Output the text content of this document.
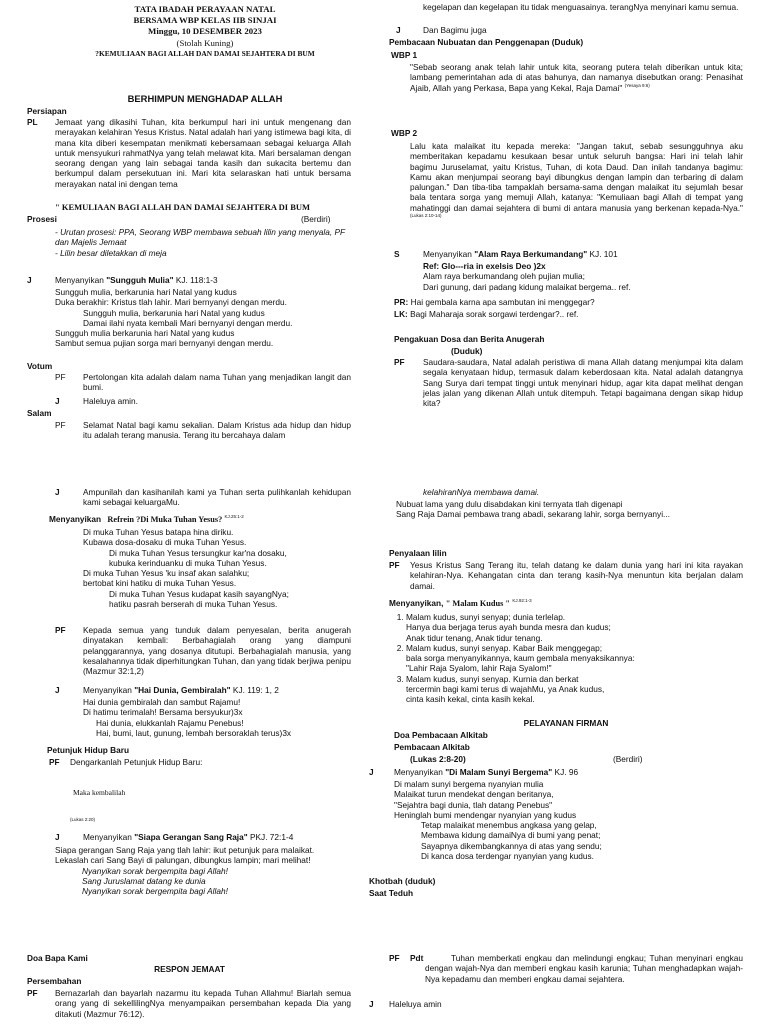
TATA IBADAH PERAYAAN NATAL
BERSAMA WBP KELAS IIB SINJAI
Minggu, 10 DESEMBER 2023
(Stolah Kuning)
?KEMULIAAN BAGI ALLAH DAN DAMAI SEJAHTERA DI BUM
BERHIMPUN MENGHADAP ALLAH
Persiapan
PL Jemaat yang dikasihi Tuhan, kita berkumpul hari ini untuk mengenang dan merayakan kelahiran Yesus Kristus. Natal adalah hari yang istimewa bagi kita, di mana kita diberi kesempatan menikmati kebersamaan sebagai keluarga Allah untuk mensyukuri rahmatNya yang telah melawat kita. Mari bersalaman dengan seorang dengan yang lain sebagai tanda kasih dan sukacita bertemu dan berkumpul dalam persekutuan ini. Mari kita selaraskan hati untuk bersama merayakan natal ini dengan tema
" KEMULIAAN BAGI ALLAH DAN DAMAI SEJAHTERA DI BUM
Prosesi	(Berdiri)
- Urutan prosesi: PPA, Seorang WBP membawa sebuah lilin yang menyala, PF dan Majelis Jemaat
- Lilin besar diletakkan di meja
J	Menyanyikan "Sungguh Mulia" KJ. 118:1-3
Sungguh mulia, berkarunia hari Natal yang kudus
Duka berakhir: Kristus tlah lahir. Mari bernyanyi dengan merdu.
Sungguh mulia, berkarunia hari Natal yang kudus
Damai ilahi nyata kembali Mari bernyanyi dengan merdu.
Sungguh mulia berkarunia hari Natal yang kudus
Sambut semua pujian sorga mari bernyanyi dengan merdu.
Votum
PF Pertolongan kita adalah dalam nama Tuhan yang menjadikan langit dan bumi.
J	Haleluya amin.
Salam
PF Selamat Natal bagi kamu sekalian. Dalam Kristus ada hidup dan hidup itu adalah terang manusia. Terang itu bercahaya dalam
J	Ampunilah dan kasihanilah kami ya Tuhan serta pulihkanlah kehidupan kami sebagai keluargaMu.
Menyanyikan Refrein ?Di Muka Tuhan Yesus? $^{KJ.25:1-2}$
Di muka Tuhan Yesus batapa hina diriku.
Kubawa dosa-dosaku di muka Tuhan Yesus.
Di muka Tuhan Yesus tersungkur kar'na dosaku,
kubuka kerinduanku di muka Tuhan Yesus.
Di muka Tuhan Yesus 'ku insaf akan salahku;
bertobat kini hatiku di muka Tuhan Yesus.
Di muka Tuhan Yesus kudapat kasih sayangNya;
hatiku pasrah berserah di muka Tuhan Yesus.
PF Kepada semua yang tunduk dalam penyesalan, berita anugerah dinyatakan kembali: Berbahagialah orang yang diampuni pelanggarannya, yang dosanya ditutupi. Berbahagialah manusia, yang kesalahannya tidak diperhitungkan Tuhan, dan yang tidak berjiwa penipu (Mazmur 32:1,2)
J	Menyanyikan "Hai Dunia, Gembiralah" KJ. 119: 1, 2
Hai dunia gembiralah dan sambut Rajamu!
Di hatimu terimalah! Bersama bersyukur)3x
Hai dunia, elukkanlah Rajamu Penebus!
Hai, bumi, laut, gunung, lembah bersoraklah terus)3x
Petunjuk Hidup Baru
PF Dengarkanlah Petunjuk Hidup Baru:
Maka kembalilah
(Lukas 2:20)
J	Menyanyikan "Siapa Gerangan Sang Raja" PKJ. 72:1-4
Siapa gerangan Sang Raja yang tlah lahir: ikut petunjuk para malaikat.
Lekaslah cari Sang Bayi di palungan, dibungkus lampin; mari melihat!
Nyanyikan sorak bergempita bagi Allah!
Sang Juruslamat datang ke dunia
Nyanyikan sorak bergempita bagi Allah!
Doa Bapa Kami
RESPON JEMAAT
Persembahan
PF Bernazarlah dan bayarlah nazarmu itu kepada Tuhan Allahmu! Biarlah semua orang yang di sekellilingNya menyampaikan persembahan kepada Dia yang ditakuti (Mazmur 76:12).
kegelapan dan kegelapan itu tidak menguasainya. terangNya menyinari kamu semua.
J	Dan Bagimu juga
Pembacaan Nubuatan dan Penggenapan (Duduk)
WBP 1
"Sebab seorang anak telah lahir untuk kita, seorang putera telah diberikan untuk kita; lambang pemerintahan ada di atas bahunya, dan namanya disebutkan orang: Penasihat Ajaib, Allah yang Perkasa, Bapa yang Kekal, Raja Damai" $^{(Yesaya 9:6)}$
WBP 2
Lalu kata malaikat itu kepada mereka: "Jangan takut, sebab sesungguhnya aku memberitakan kepadamu kesukaan besar untuk seluruh bangsa: Hari ini telah lahir bagimu Juruselamat, yaitu Kristus, Tuhan, di kota Daud. Dan inilah tandanya bagimu: Kamu akan menjumpai seorang bayi dibungkus dengan lampin dan terbaring di dalam palungan." Dan tiba-tiba tampaklah bersama-sama dengan malaikat itu sejumlah besar bala tentara sorga yang memuji Allah, katanya: "Kemuliaan bagi Allah di tempat yang mahatinggi dan damai sejahtera di bumi di antara manusia yang berkenan kepada-Nya." $^{(Lukas 2:10-14)}$
S	Menyanyikan "Alam Raya Berkumandang" KJ. 101
Ref: Glo---ria in exelsis Deo )2x
Alam raya berkumandang oleh pujian mulia;
Dari gunung, dari padang kidung malaikat bergema.. ref.
PR: Hai gembala karna apa sambutan ini menggegar?
LK: Bagi Maharaja sorak sorgawi terdengar?.. ref.
Pengakuan Dosa dan Berita Anugerah
(Duduk)
PF Saudara-saudara, Natal adalah peristiwa di mana Allah datang menjumpai kita dalam segala kenyataan hidup, termasuk dalam keberdosaan kita. Natal adalah datangnya Sang Surya dari tempat tinggi untuk menyinari hidup, agar kita dapat melihat dengan jelas jalan yang dikenan Allah untuk ditempuh. Tetapi bagaimana dengan sikap hidup kita?
kelahiranNya membawa damai.
Nubuat lama yang dulu disabdakan kini ternyata tlah digenapi
Sang Raja Damai pembawa trang abadi, sekarang lahir, sorga bernyanyi...
Penyalaan lilin
PF Yesus Kristus Sang Terang itu, telah datang ke dalam dunia yang hari ini kita rayakan kelahiran-Nya. Kehangatan cinta dan terang kasih-Nya menuntun kita berjalan dalam damai.
Menyanyikan, " Malam Kudus " $^{KJ.92:1-3}$
1. Malam kudus, sunyi senyap; dunia terlelap.
Hanya dua berjaga terus ayah bunda mesra dan kudus;
Anak tidur tenang, Anak tidur tenang.
2. Malam kudus, sunyi senyap. Kabar Baik menggegap;
bala sorga menyanyikannya, kaum gembala menyaksikannya:
"Lahir Raja Syalom, lahir Raja Syalom!"
3. Malam kudus, sunyi senyap. Kurnia dan berkat
tercermin bagi kami terus di wajahMu, ya Anak kudus,
cinta kasih kekal, cinta kasih kekal.
PELAYANAN FIRMAN
Doa Pembacaan Alkitab
Pembacaan Alkitab
(Lukas 2:8-20)	(Berdiri)
J Menyanyikan "Di Malam Sunyi Bergema" KJ. 96
Di malam sunyi bergema nyanyian mulia
Malaikat turun mendekat dengan beritanya,
"Sejahtra bagi dunia, tlah datang Penebus"
Heninglah bumi mendengar nyanyian yang kudus
Tetap malaikat menembus angkasa yang gelap,
Membawa kidung damaiNya di bumi yang penat;
Sayapnya dikembangkannya di atas yang sendu;
Di kanca dosa terdengar nyanyian yang kudus.
Khotbah (duduk)
Saat Teduh
PF Pdt	Tuhan memberkati engkau dan melindungi engkau; Tuhan menyinari engkau dengan wajah-Nya dan memberi engkau kasih karunia; Tuhan menghadapkan wajah-Nya kepadamu dan memberi engkau damai sejahtera.
J Haleluya amin
